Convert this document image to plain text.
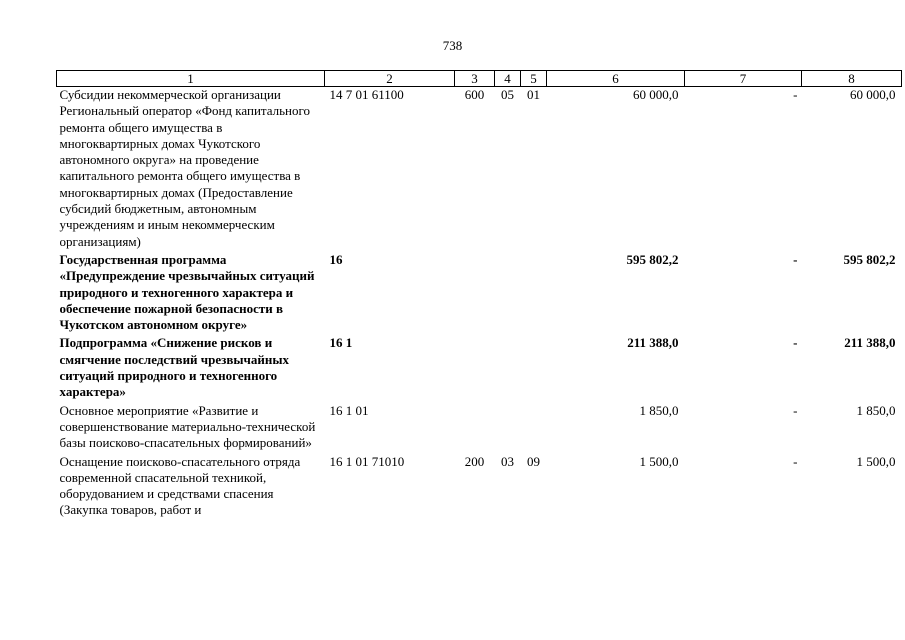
738
1	2	3	4	5	6	7	8
Субсидии некоммерческой организации Региональный оператор «Фонд капитального ремонта общего имущества в многоквартирных домах Чукотского автономного округа» на проведение капитального ремонта общего имущества в многоквартирных домах (Предоставление субсидий бюджетным, автономным учреждениям и иным некоммерческим организациям)	14 7 01 61100	600	05	01	60 000,0	-	60 000,0
Государственная программа «Предупреждение чрезвычайных ситуаций природного и техногенного характера и обеспечение пожарной безопасности в Чукотском автономном округе»	16				595 802,2	-	595 802,2
Подпрограмма «Снижение рисков и смягчение последствий чрезвычайных ситуаций природного и техногенного характера»	16 1				211 388,0	-	211 388,0
Основное мероприятие «Развитие и совершенствование материально-технической базы поисково-спасательных формирований»	16 1 01				1 850,0	-	1 850,0
Оснащение поисково-спасательного отряда современной спасательной техникой, оборудованием и средствами спасения (Закупка товаров, работ и	16 1 01 71010	200	03	09	1 500,0	-	1 500,0
